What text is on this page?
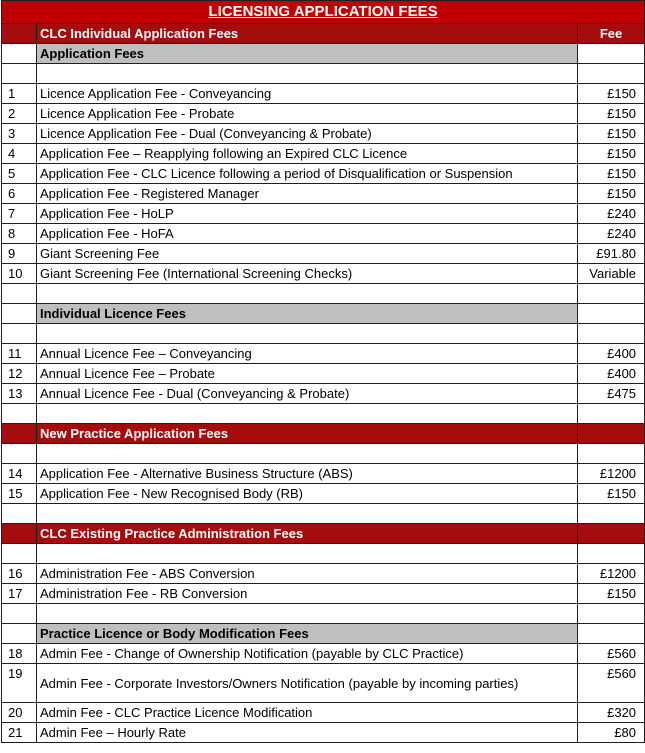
LICENSING APPLICATION FEES		
	CLC Individual Application Fees	Fee
	Application Fees	

1	Licence Application Fee - Conveyancing	£150
2	Licence Application Fee - Probate	£150
3	Licence Application Fee - Dual (Conveyancing & Probate)	£150
4	Application Fee – Reapplying following an Expired CLC Licence	£150
5	Application Fee - CLC Licence following a period of Disqualification or Suspension	£150
6	Application Fee - Registered Manager	£150
7	Application Fee - HoLP	£240
8	Application Fee - HoFA	£240
9	Giant Screening Fee	£91.80
10	Giant Screening Fee (International Screening Checks)	Variable

	Individual Licence Fees	

11	Annual Licence Fee – Conveyancing	£400
12	Annual Licence Fee – Probate	£400
13	Annual Licence Fee - Dual (Conveyancing & Probate)	£475

	New Practice Application Fees	

14	Application Fee - Alternative Business Structure (ABS)	£1200
15	Application Fee - New Recognised Body (RB)	£150

	CLC Existing Practice Administration Fees	

16	Administration Fee - ABS Conversion	£1200
17	Administration Fee - RB Conversion	£150

	Practice Licence or Body Modification Fees	
18	Admin Fee - Change of Ownership Notification (payable by CLC Practice)	£560
19	Admin Fee - Corporate Investors/Owners Notification (payable by incoming parties)	£560
20	Admin Fee - CLC Practice Licence Modification	£320
21	Admin Fee – Hourly Rate	£80
